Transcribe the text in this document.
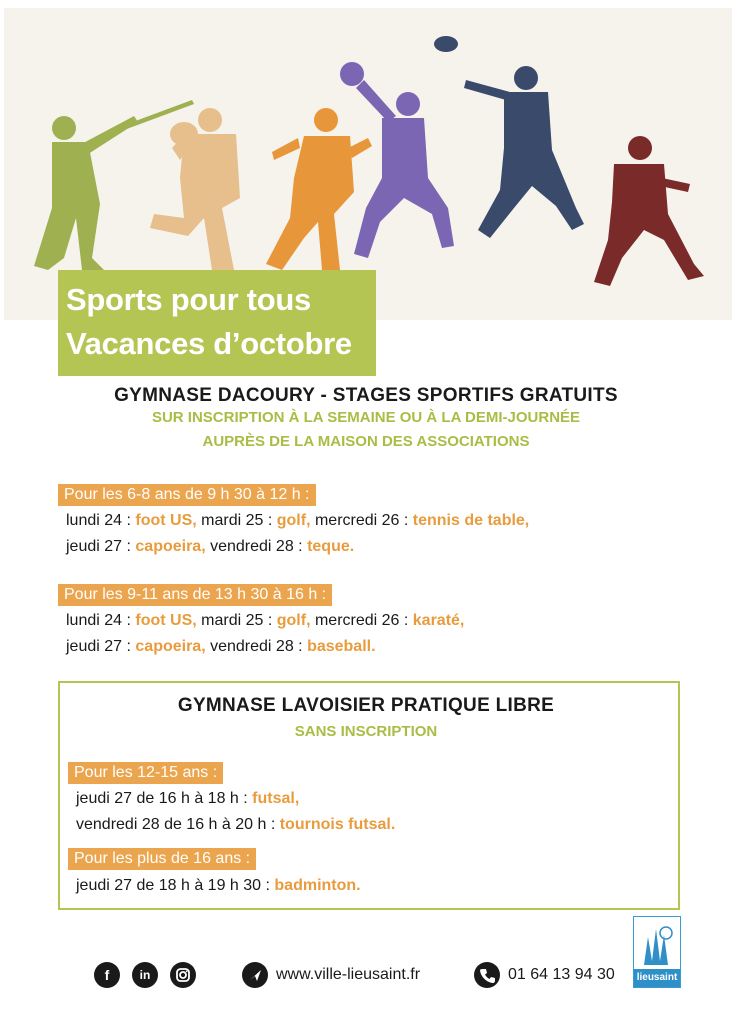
Sports pour tous
Vacances d’octobre
GYMNASE DACOURY - STAGES SPORTIFS GRATUITS
SUR INSCRIPTION À LA SEMAINE OU À LA DEMI-JOURNÉE
AUPRÈS DE LA MAISON DES ASSOCIATIONS
Pour les 6-8 ans de 9 h 30 à 12 h :
lundi 24 : foot US, mardi 25 : golf, mercredi 26 : tennis de table,
jeudi 27 : capoeira, vendredi 28 : teque.
Pour les 9-11 ans de 13 h 30 à 16 h :
lundi 24 : foot US, mardi 25 : golf, mercredi 26 : karaté,
jeudi 27 : capoeira, vendredi 28 : baseball.
GYMNASE LAVOISIER PRATIQUE LIBRE
SANS INSCRIPTION
Pour les 12-15 ans :
jeudi 27 de 16 h à 18 h : futsal,
vendredi 28 de 16 h à 20 h : tournois futsal.
Pour les plus de 16 ans :
jeudi 27 de 18 h à 19 h 30 : badminton.
lieusaint
f	in	www.ville-lieusaint.fr	01 64 13 94 30
